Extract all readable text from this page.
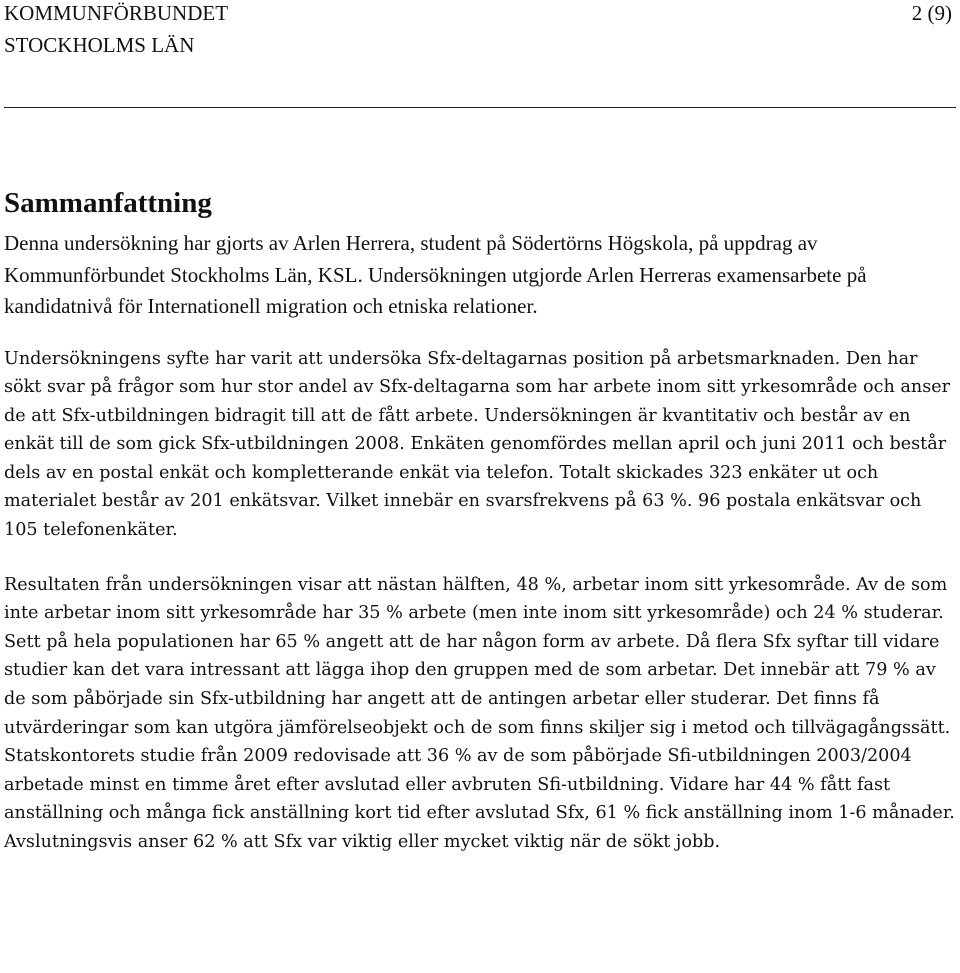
KOMMUNFÖRBUNDET
STOCKHOLMS LÄN
2 (9)
Sammanfattning

Denna undersökning har gjorts av Arlen Herrera, student på Södertörns Högskola, på uppdrag av Kommunförbundet Stockholms Län, KSL. Undersökningen utgjorde Arlen Herreras examensarbete på kandidatnivå för Internationell migration och etniska relationer.

Undersökningens syfte har varit att undersöka Sfx-deltagarnas position på arbetsmarknaden. Den har sökt svar på frågor som hur stor andel av Sfx-deltagarna som har arbete inom sitt yrkesområde och anser de att Sfx-utbildningen bidragit till att de fått arbete. Undersökningen är kvantitativ och består av en enkät till de som gick Sfx-utbildningen 2008. Enkäten genomfördes mellan april och juni 2011 och består dels av en postal enkät och kompletterande enkät via telefon. Totalt skickades 323 enkäter ut och materialet består av 201 enkätsvar. Vilket innebär en svarsfrekvens på 63 %. 96 postala enkätsvar och 105 telefonenkäter.

Resultaten från undersökningen visar att nästan hälften, 48 %, arbetar inom sitt yrkesområde. Av de som inte arbetar inom sitt yrkesområde har 35 % arbete (men inte inom sitt yrkesområde) och 24 % studerar. Sett på hela populationen har 65 % angett att de har någon form av arbete. Då flera Sfx syftar till vidare studier kan det vara intressant att lägga ihop den gruppen med de som arbetar. Det innebär att 79 % av de som påbörjade sin Sfx-utbildning har angett att de antingen arbetar eller studerar. Det finns få utvärderingar som kan utgöra jämförelseobjekt och de som finns skiljer sig i metod och tillvägagångssätt. Statskontorets studie från 2009 redovisade att 36 % av de som påbörjade Sfi-utbildningen 2003/2004 arbetade minst en timme året efter avslutad eller avbruten Sfi-utbildning. Vidare har 44 % fått fast anställning och många fick anställning kort tid efter avslutad Sfx, 61 % fick anställning inom 1-6 månader. Avslutningsvis anser 62 % att Sfx var viktig eller mycket viktig när de sökt jobb.
